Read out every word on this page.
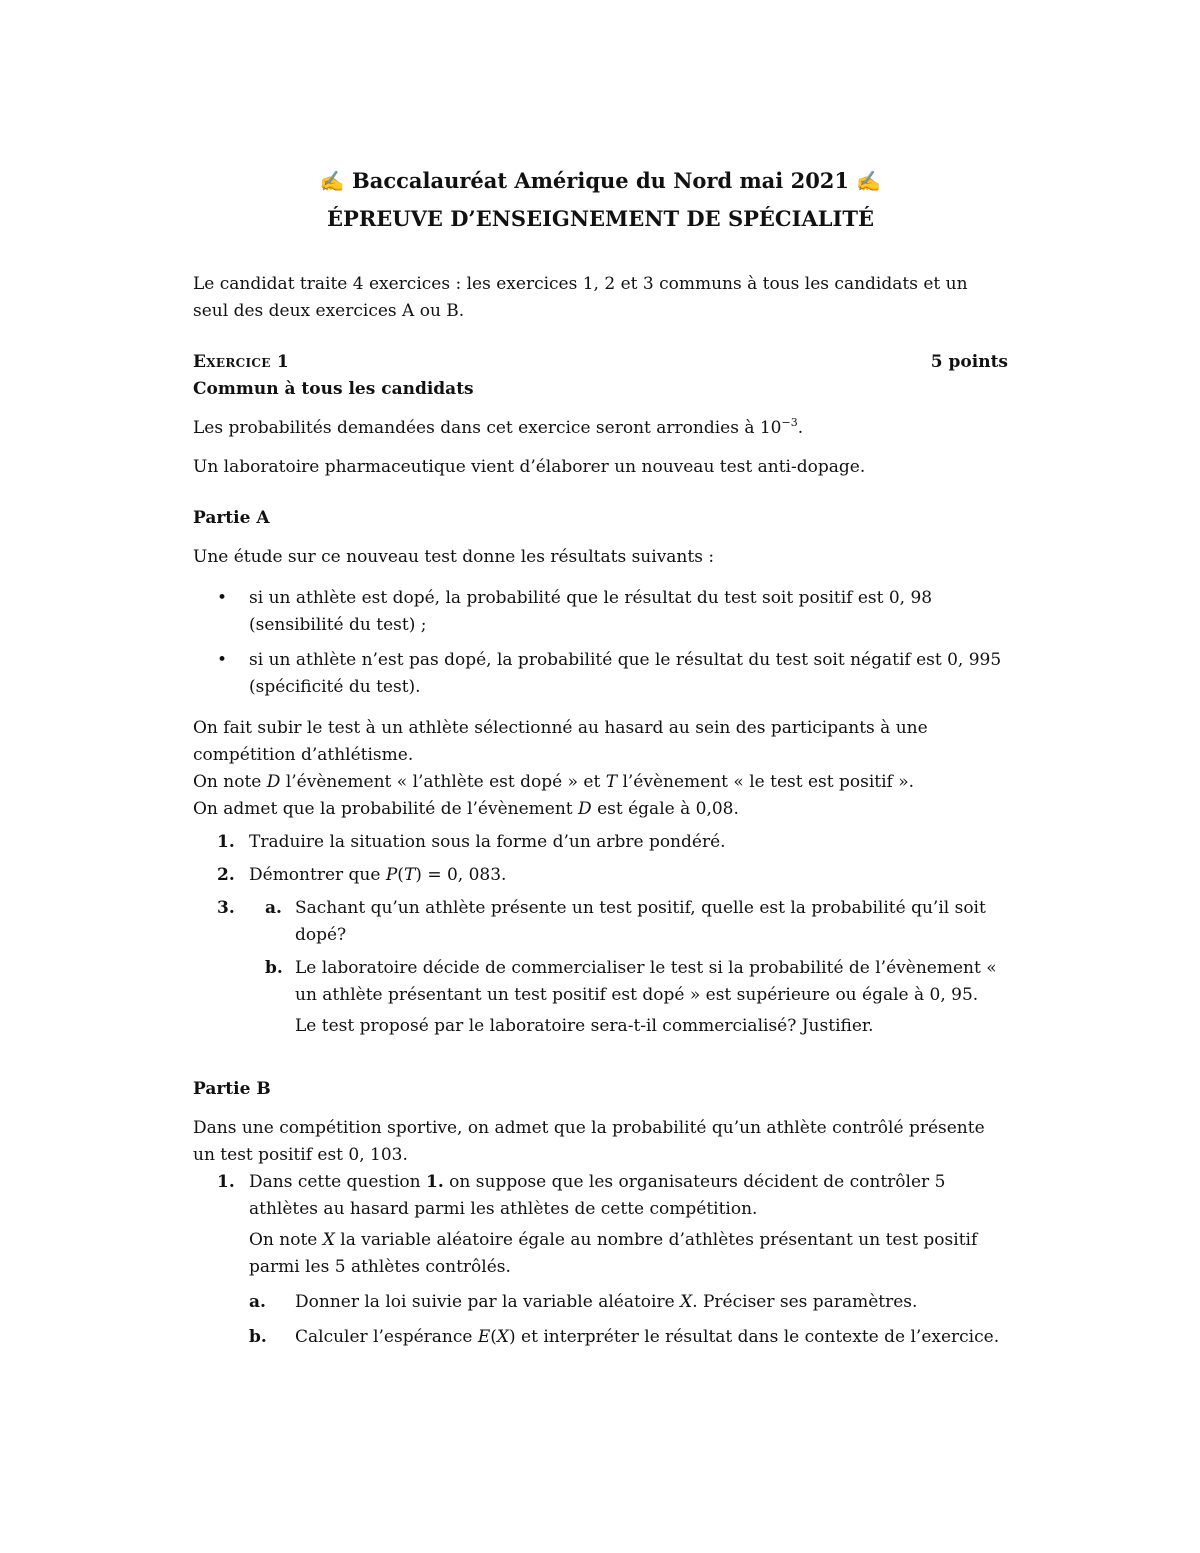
✍ Baccalauréat Amérique du Nord mai 2021 ✍
ÉPREUVE D’ENSEIGNEMENT DE SPÉCIALITÉ

Le candidat traite 4 exercices : les exercices 1, 2 et 3 communs à tous les candidats et un seul des deux exercices A ou B.

Exercice 1	5 points

Commun à tous les candidats

Les probabilités demandées dans cet exercice seront arrondies à $10^{-3}$.

Un laboratoire pharmaceutique vient d’élaborer un nouveau test anti-dopage.

Partie A

Une étude sur ce nouveau test donne les résultats suivants :

• si un athlète est dopé, la probabilité que le résultat du test soit positif est 0, 98 (sensibilité du test) ;
• si un athlète n’est pas dopé, la probabilité que le résultat du test soit négatif est 0, 995 (spécificité du test).

On fait subir le test à un athlète sélectionné au hasard au sein des participants à une compétition d’athlétisme.

On note D l’évènement « l’athlète est dopé » et T l’évènement « le test est positif ».

On admet que la probabilité de l’évènement D est égale à 0,08.

1. Traduire la situation sous la forme d’un arbre pondéré.
2. Démontrer que P(T) = 0, 083.
3. a. Sachant qu’un athlète présente un test positif, quelle est la probabilité qu’il soit dopé?
b. Le laboratoire décide de commercialiser le test si la probabilité de l’évènement « un athlète présentant un test positif est dopé » est supérieure ou égale à 0, 95.
Le test proposé par le laboratoire sera-t-il commercialisé? Justifier.

Partie B

Dans une compétition sportive, on admet que la probabilité qu’un athlète contrôlé présente un test positif est 0, 103.

1. Dans cette question 1. on suppose que les organisateurs décident de contrôler 5 athlètes au hasard parmi les athlètes de cette compétition.
On note X la variable aléatoire égale au nombre d’athlètes présentant un test positif parmi les 5 athlètes contrôlés.
a. Donner la loi suivie par la variable aléatoire X. Préciser ses paramètres.
b. Calculer l’espérance E(X) et interpréter le résultat dans le contexte de l’exercice.
